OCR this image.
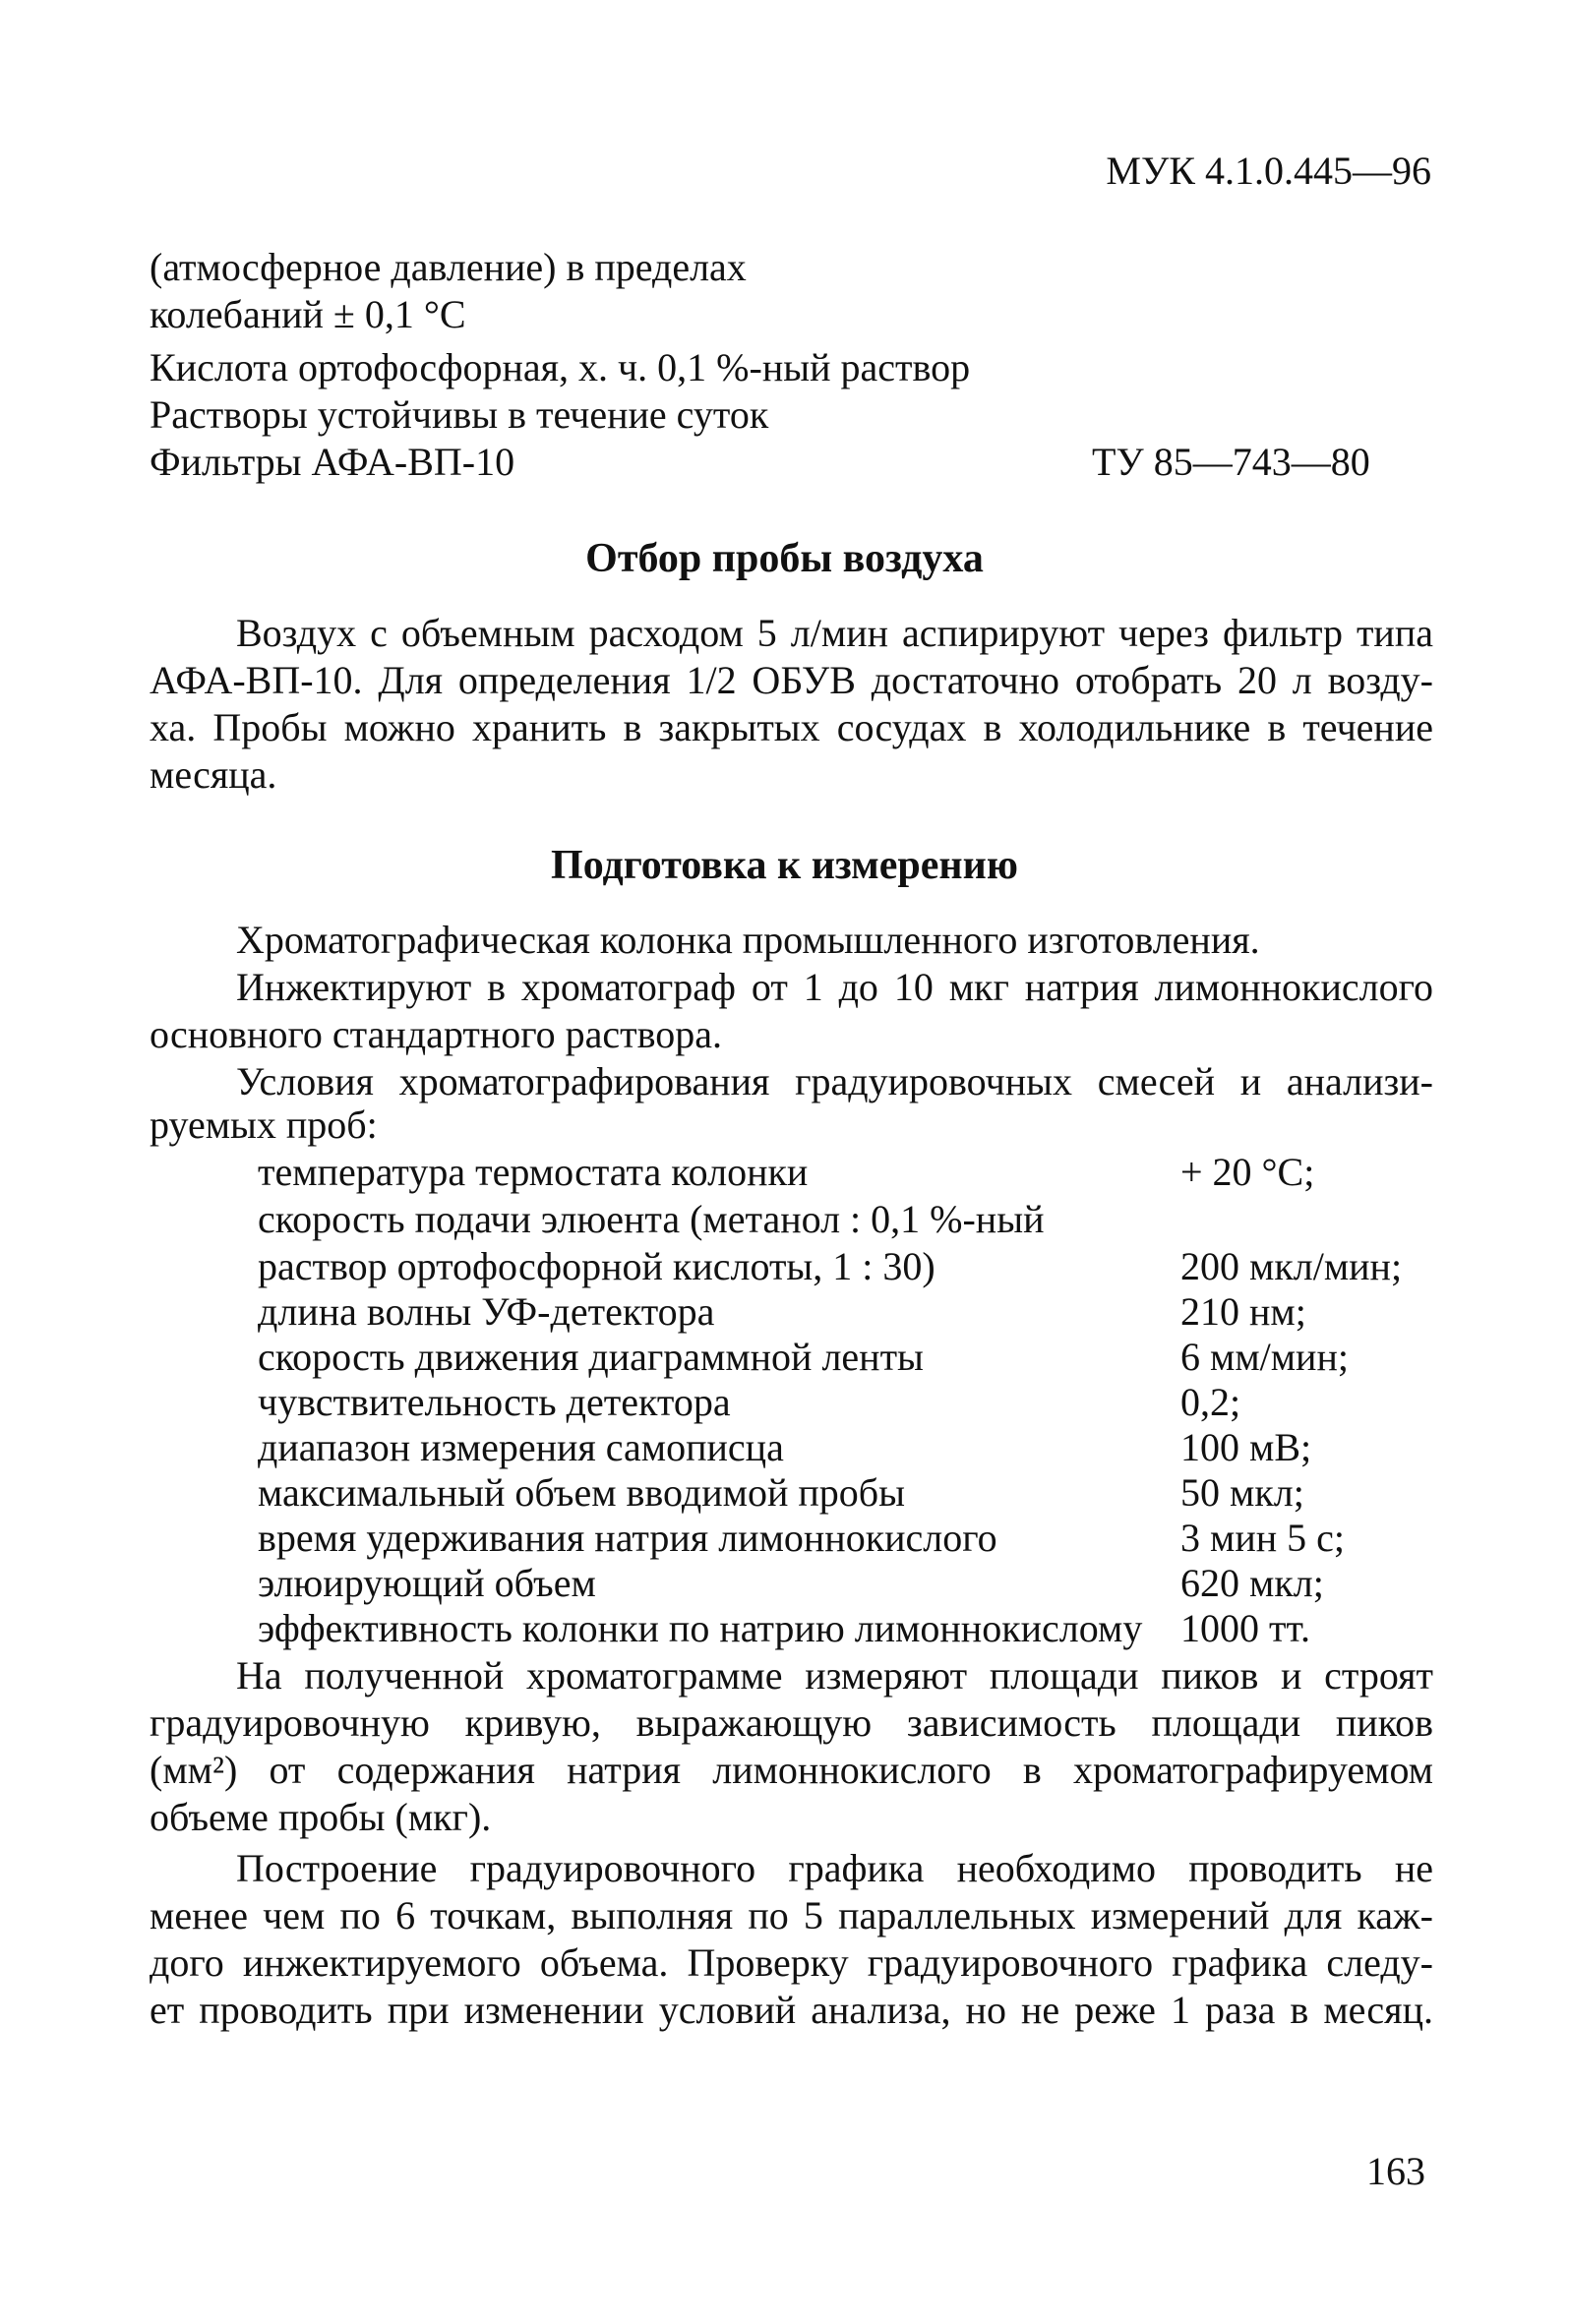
МУК 4.1.0.445—96
(атмосферное давление) в пределах
колебаний ± 0,1 °С
Кислота ортофосфорная, х. ч. 0,1 %-ный раствор
Растворы устойчивы в течение суток
Фильтры АФА-ВП-10	ТУ 85—743—80
Отбор пробы воздуха
Воздух с объемным расходом 5 л/мин аспирируют через фильтр типа
АФА-ВП-10. Для определения 1/2 ОБУВ достаточно отобрать 20 л возду-
ха. Пробы можно хранить в закрытых сосудах в холодильнике в течение
месяца.
Подготовка к измерению
Хроматографическая колонка промышленного изготовления.
Инжектируют в хроматограф от 1 до 10 мкг натрия лимоннокислого
основного стандартного раствора.
Условия хроматографирования градуировочных смесей и анализи-
руемых проб:
температура термостата колонки	+ 20 °С;
скорость подачи элюента (метанол : 0,1 %-ный
раствор ортофосфорной кислоты, 1 : 30)	200 мкл/мин;
длина волны УФ-детектора	210 нм;
скорость движения диаграммной ленты	6 мм/мин;
чувствительность детектора	0,2;
диапазон измерения самописца	100 мВ;
максимальный объем вводимой пробы	50 мкл;
время удерживания натрия лимоннокислого	3 мин 5 с;
элюирующий объем	620 мкл;
эффективность колонки по натрию лимоннокислому 1000 тт.
На полученной хроматограмме измеряют площади пиков и строят
градуировочную кривую, выражающую зависимость площади пиков
(мм²) от содержания натрия лимоннокислого в хроматографируемом
объеме пробы (мкг).
Построение градуировочного графика необходимо проводить не
менее чем по 6 точкам, выполняя по 5 параллельных измерений для каж-
дого инжектируемого объема. Проверку градуировочного графика следу-
ет проводить при изменении условий анализа, но не реже 1 раза в месяц.
163
